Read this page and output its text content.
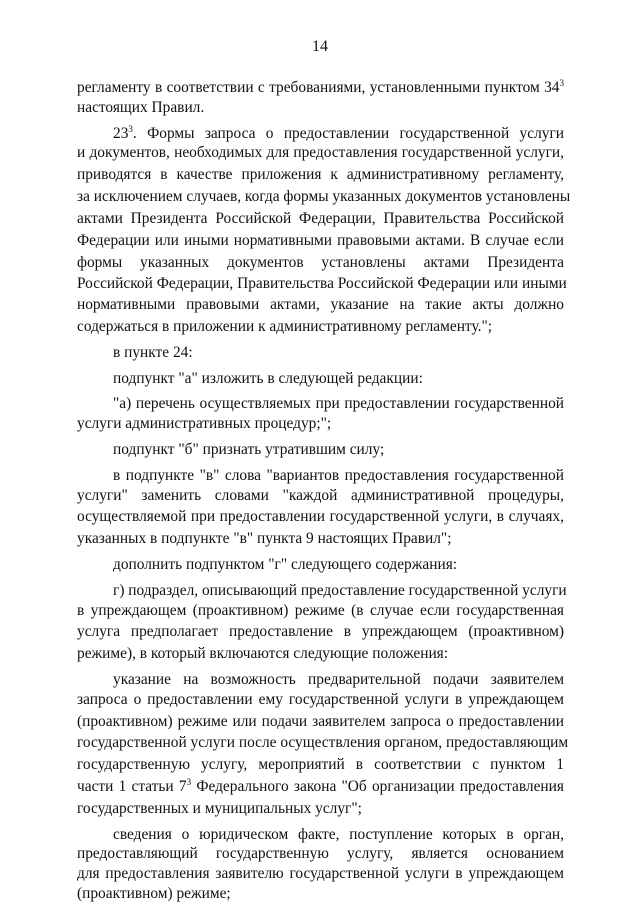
14
регламенту в соответствии с требованиями, установленными пунктом $34^3$
настоящих Правил.
$23^3$. Формы запроса о предоставлении государственной услуги
и документов, необходимых для предоставления государственной услуги,
приводятся в качестве приложения к административному регламенту,
за исключением случаев, когда формы указанных документов установлены
актами Президента Российской Федерации, Правительства Российской
Федерации или иными нормативными правовыми актами. В случае если
формы указанных документов установлены актами Президента
Российской Федерации, Правительства Российской Федерации или иными
нормативными правовыми актами, указание на такие акты должно
содержаться в приложении к административному регламенту.";
в пункте 24:
подпункт "а" изложить в следующей редакции:
"а) перечень осуществляемых при предоставлении государственной
услуги административных процедур;";
подпункт "б" признать утратившим силу;
в подпункте "в" слова "вариантов предоставления государственной
услуги" заменить словами "каждой административной процедуры,
осуществляемой при предоставлении государственной услуги, в случаях,
указанных в подпункте "в" пункта 9 настоящих Правил";
дополнить подпунктом "г" следующего содержания:
г) подраздел, описывающий предоставление государственной услуги
в упреждающем (проактивном) режиме (в случае если государственная
услуга предполагает предоставление в упреждающем (проактивном)
режиме), в который включаются следующие положения:
указание на возможность предварительной подачи заявителем
запроса о предоставлении ему государственной услуги в упреждающем
(проактивном) режиме или подачи заявителем запроса о предоставлении
государственной услуги после осуществления органом, предоставляющим
государственную услугу, мероприятий в соответствии с пунктом 1
части 1 статьи $7^3$ Федерального закона "Об организации предоставления
государственных и муниципальных услуг";
сведения о юридическом факте, поступление которых в орган,
предоставляющий государственную услугу, является основанием
для предоставления заявителю государственной услуги в упреждающем
(проактивном) режиме;
